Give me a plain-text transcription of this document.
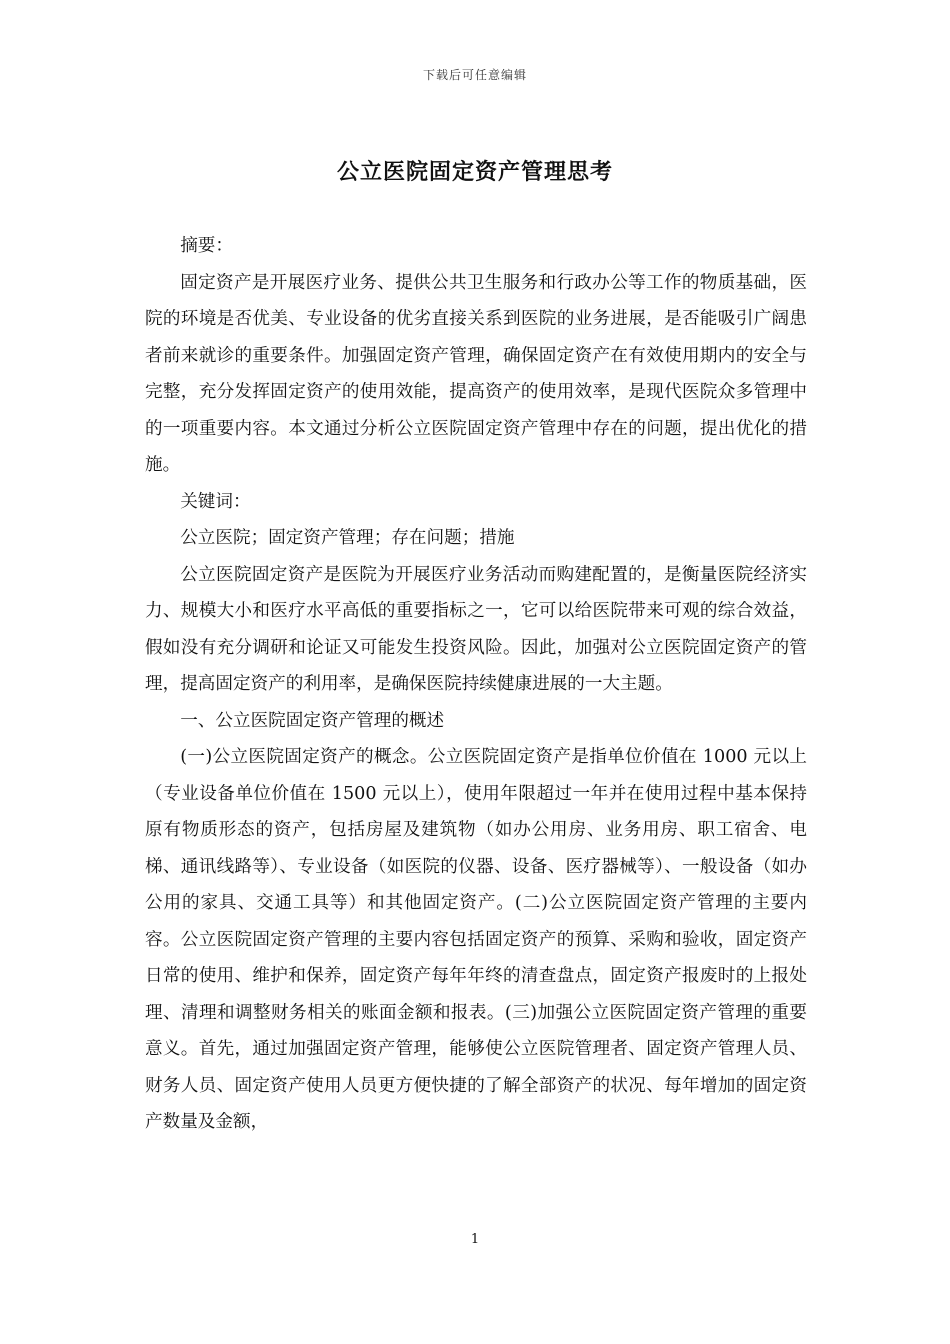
下载后可任意编辑
公立医院固定资产管理思考

摘要：

固定资产是开展医疗业务、提供公共卫生服务和行政办公等工作的物质基础，医院的环境是否优美、专业设备的优劣直接关系到医院的业务进展，是否能吸引广阔患者前来就诊的重要条件。加强固定资产管理，确保固定资产在有效使用期内的安全与完整，充分发挥固定资产的使用效能，提高资产的使用效率，是现代医院众多管理中的一项重要内容。本文通过分析公立医院固定资产管理中存在的问题，提出优化的措施。

关键词：

公立医院；固定资产管理；存在问题；措施

公立医院固定资产是医院为开展医疗业务活动而购建配置的，是衡量医院经济实力、规模大小和医疗水平高低的重要指标之一，它可以给医院带来可观的综合效益，假如没有充分调研和论证又可能发生投资风险。因此，加强对公立医院固定资产的管理，提高固定资产的利用率，是确保医院持续健康进展的一大主题。

一、公立医院固定资产管理的概述

(一)公立医院固定资产的概念。公立医院固定资产是指单位价值在 1000 元以上（专业设备单位价值在 1500 元以上），使用年限超过一年并在使用过程中基本保持原有物质形态的资产，包括房屋及建筑物（如办公用房、业务用房、职工宿舍、电梯、通讯线路等）、专业设备（如医院的仪器、设备、医疗器械等）、一般设备（如办公用的家具、交通工具等）和其他固定资产。(二)公立医院固定资产管理的主要内容。公立医院固定资产管理的主要内容包括固定资产的预算、采购和验收，固定资产日常的使用、维护和保养，固定资产每年年终的清查盘点，固定资产报废时的上报处理、清理和调整财务相关的账面金额和报表。(三)加强公立医院固定资产管理的重要意义。首先，通过加强固定资产管理，能够使公立医院管理者、固定资产管理人员、财务人员、固定资产使用人员更方便快捷的了解全部资产的状况、每年增加的固定资产数量及金额，

1
